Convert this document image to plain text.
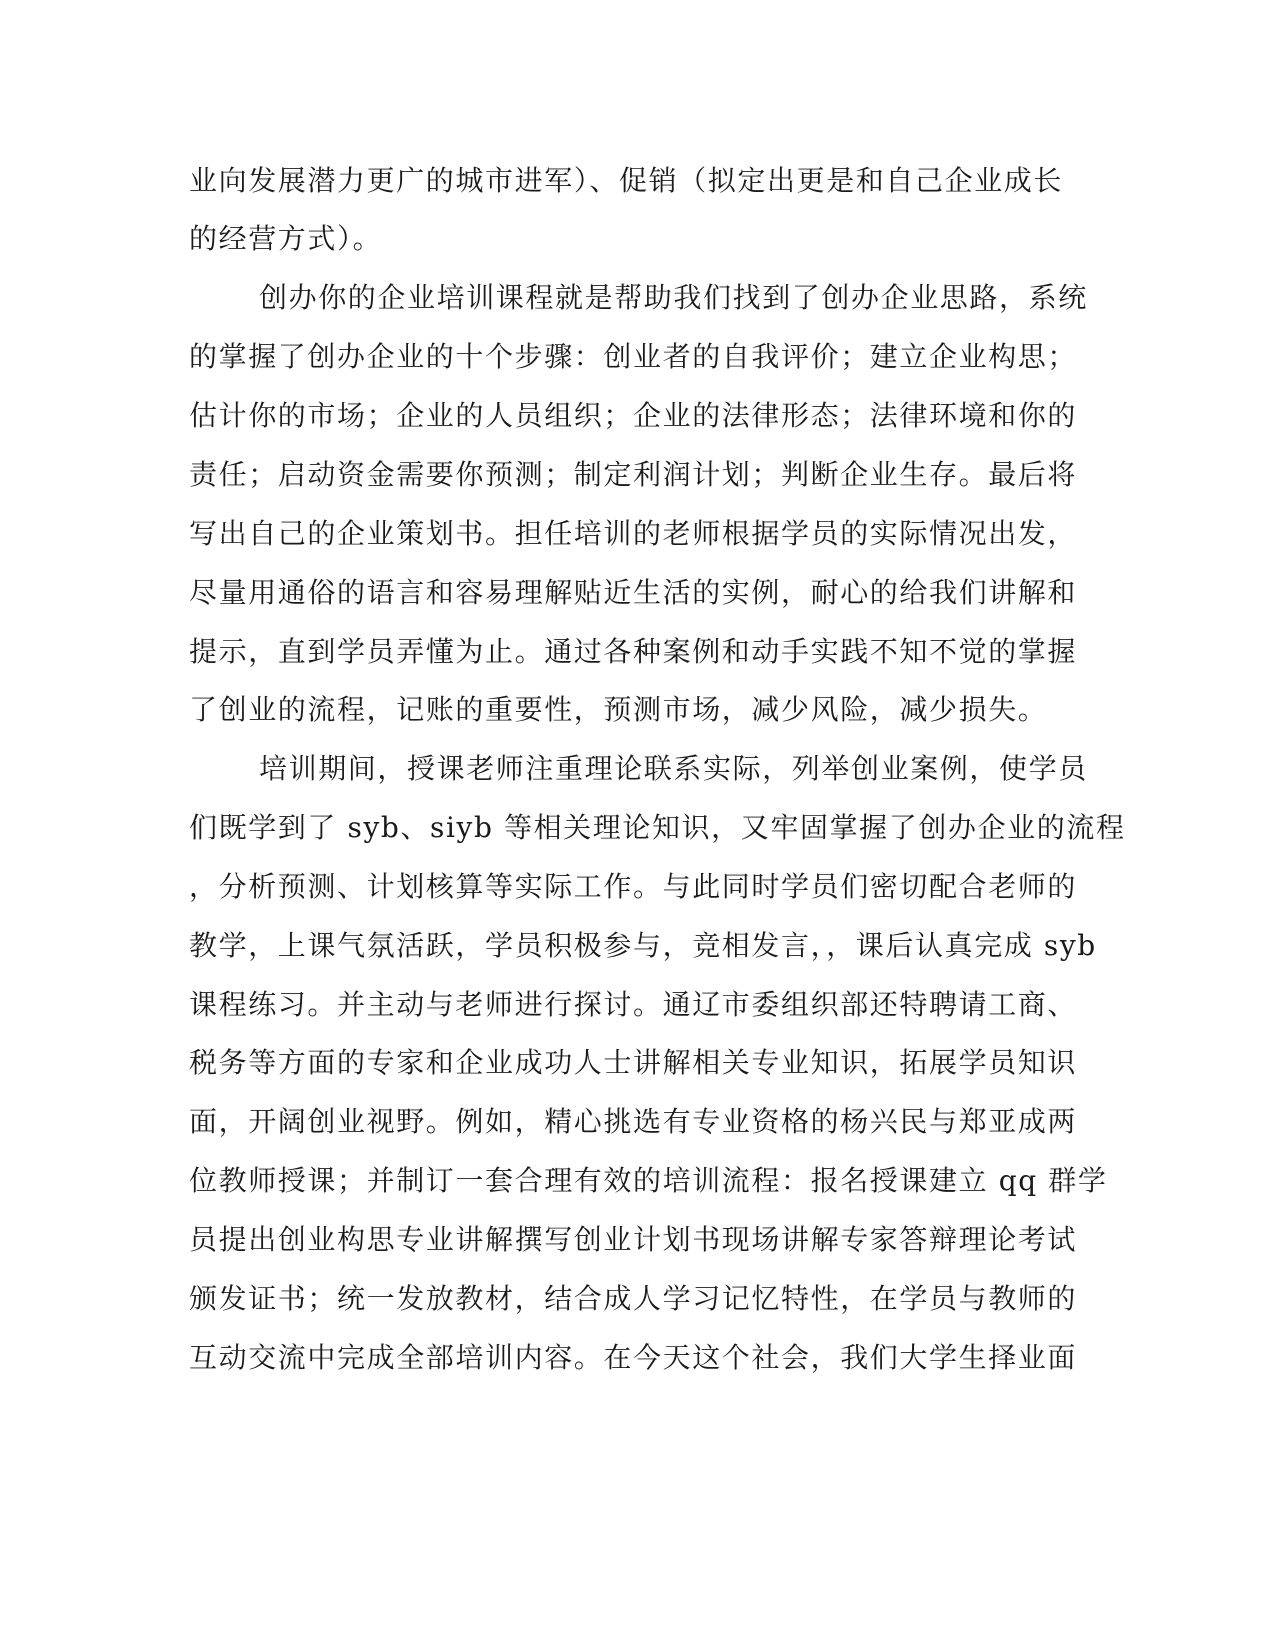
业向发展潜力更广的城市进军）、促销（拟定出更是和自己企业成长
的经营方式）。
创办你的企业培训课程就是帮助我们找到了创办企业思路，系统
的掌握了创办企业的十个步骤：创业者的自我评价；建立企业构思；
估计你的市场；企业的人员组织；企业的法律形态；法律环境和你的
责任；启动资金需要你预测；制定利润计划；判断企业生存。最后将
写出自己的企业策划书。担任培训的老师根据学员的实际情况出发，
尽量用通俗的语言和容易理解贴近生活的实例，耐心的给我们讲解和
提示，直到学员弄懂为止。通过各种案例和动手实践不知不觉的掌握
了创业的流程，记账的重要性，预测市场，减少风险，减少损失。
培训期间，授课老师注重理论联系实际，列举创业案例，使学员
们既学到了 syb、siyb 等相关理论知识，又牢固掌握了创办企业的流程
，分析预测、计划核算等实际工作。与此同时学员们密切配合老师的
教学，上课气氛活跃，学员积极参与，竞相发言，，课后认真完成 syb
课程练习。并主动与老师进行探讨。通辽市委组织部还特聘请工商、
税务等方面的专家和企业成功人士讲解相关专业知识，拓展学员知识
面，开阔创业视野。例如，精心挑选有专业资格的杨兴民与郑亚成两
位教师授课；并制订一套合理有效的培训流程：报名授课建立 qq 群学
员提出创业构思专业讲解撰写创业计划书现场讲解专家答辩理论考试
颁发证书；统一发放教材，结合成人学习记忆特性，在学员与教师的
互动交流中完成全部培训内容。在今天这个社会，我们大学生择业面
